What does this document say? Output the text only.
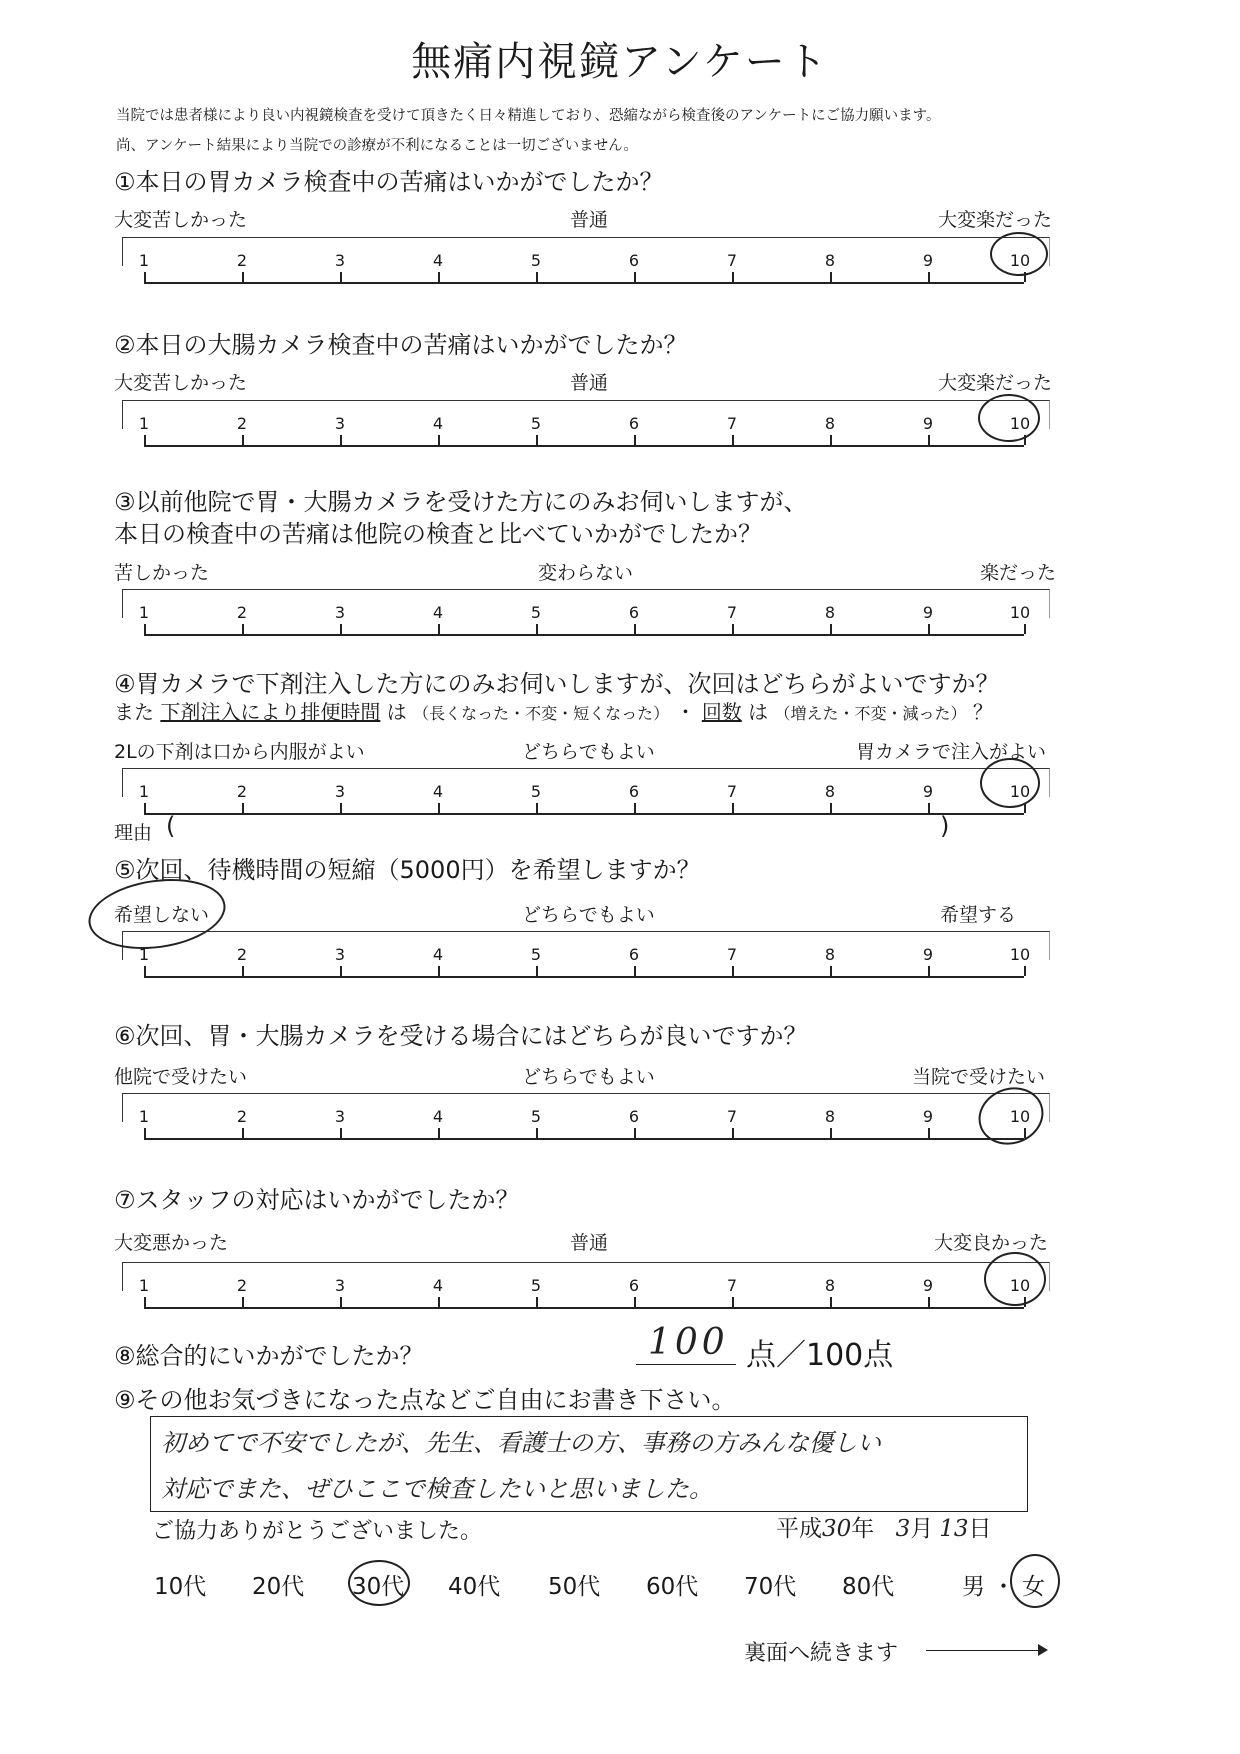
無痛内視鏡アンケート
当院では患者様により良い内視鏡検査を受けて頂きたく日々精進しており、恐縮ながら検査後のアンケートにご協力願います。
尚、アンケート結果により当院での診療が不利になることは一切ございません。
①本日の胃カメラ検査中の苦痛はいかがでしたか？
大変苦しかった	普通	大変楽だった
1	2	3	4	5	6	7	8	9	10
②本日の大腸カメラ検査中の苦痛はいかがでしたか？
大変苦しかった	普通	大変楽だった
1	2	3	4	5	6	7	8	9	10
③以前他院で胃・大腸カメラを受けた方にのみお伺いしますが、
本日の検査中の苦痛は他院の検査と比べていかがでしたか？
苦しかった	変わらない	楽だった
1	2	3	4	5	6	7	8	9	10
④胃カメラで下剤注入した方にのみお伺いしますが、次回はどちらがよいですか？
また 下剤注入により排便時間 は （長くなった・不変・短くなった） ・ 回数 は （増えた・不変・減った） ？
2Lの下剤は口から内服がよい	どちらでもよい	胃カメラで注入がよい
1	2	3	4	5	6	7	8	9	10
理由 (	)
⑤次回、待機時間の短縮（5000円）を希望しますか？
希望しない	どちらでもよい	希望する
1	2	3	4	5	6	7	8	9	10
⑥次回、胃・大腸カメラを受ける場合にはどちらが良いですか？
他院で受けたい	どちらでもよい	当院で受けたい
1	2	3	4	5	6	7	8	9	10
⑦スタッフの対応はいかがでしたか？
大変悪かった	普通	大変良かった
1	2	3	4	5	6	7	8	9	10
⑧総合的にいかがでしたか？	100 点／100点
⑨その他お気づきになった点などご自由にお書き下さい。
初めてで不安でしたが、先生、看護士の方、事務の方みんな優しい
対応でまた、ぜひここで検査したいと思いました。
ご協力ありがとうございました。	平成30年 3月 13日
10代 20代 30代 40代 50代 60代 70代 80代	男 ・ 女
裏面へ続きます
